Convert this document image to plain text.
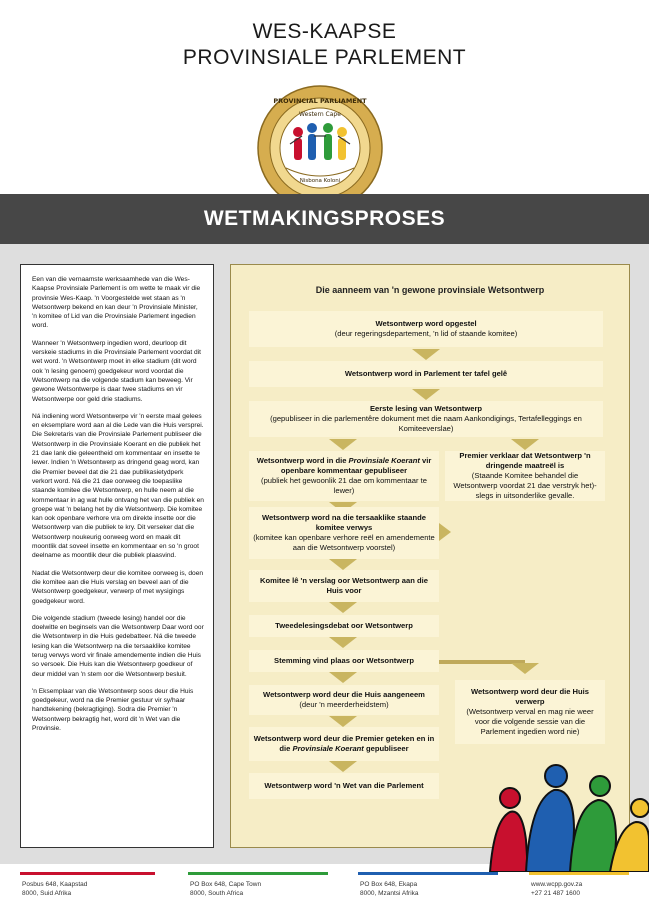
WES-KAAPSE
PROVINSIALE PARLEMENT
PROVINCIAL PARLIAMENT
Western Cape
Nisbona Koloni
WETMAKINGSPROSES

Een van die vernaamste werksaamhede van die Wes-Kaapse Provinsiale Parlement is om wette te maak vir die provinsie Wes-Kaap. 'n Voorgestelde wet staan as 'n Wetsontwerp bekend en kan deur 'n Provinsiale Minister, 'n komitee of Lid van die Provinsiale Parlement ingedien word.

Wanneer 'n Wetsontwerp ingedien word, deurloop dit verskeie stadiums in die Provinsiale Parlement voordat dit wet word. 'n Wetsontwerp moet in elke stadium (dit word ook 'n lesing genoem) goedgekeur word voordat die Wetsontwerp na die volgende stadium kan beweeg. Vir gewone Wetsontwerpe is daar twee stadiums en vir Wetsontwerpe oor geld drie stadiums.

Ná indiening word Wetsontwerpe vir 'n eerste maal gelees en eksemplare word aan al die Lede van die Huis versprei. Die Sekretaris van die Provinsiale Parlement publiseer die Wetsontwerp in die Provinsiale Koerant en die publiek het 21 dae lank die geleentheid om kommentaar en insette te lewer. Indien 'n Wetsontwerp as dringend geag word, kan die Premier beveel dat die 21 dae publikasietydperk verkort word. Ná die 21 dae oorweeg die toepaslike staande komitee die Wetsontwerp, en hulle neem al die kommentaar in ag wat hulle ontvang het van die publiek en groepe wat 'n belang het by die Wetsontwerp. Die komitee kan ook openbare verhore vra om direkte insette oor die Wetsontwerp van die publiek te kry. Dit verseker dat die Wetsontwerp noukeurig oorweeg word en maak dit moontlik dat soveel insette en kommentaar en so 'n groot deelname as moontlik deur die publiek plaasvind.

Nadat die Wetsontwerp deur die komitee oorweeg is, doen die komitee aan die Huis verslag en beveel aan of die Wetsontwerp goedgekeur, verwerp of met wysigings goedgekeur word.

Die volgende stadium (tweede lesing) handel oor die doelwitte en beginsels van die Wetsontwerp Daar word oor die Wetsontwerp in die Huis gedebatteer. Ná die tweede lesing kan die Wetsontwerp na die tersaaklike komitee terug verwys word vir finale amendemente indien die Huis so versoek. Die Huis kan die Wetsontwerp goedkeur of deur middel van 'n stem oor die Wetsontwerp besluit.

'n Eksemplaar van die Wetsontwerp soos deur die Huis goedgekeur, word na die Premier gestuur vir sy/haar handtekening (bekragtiging). Sodra die Premier 'n Wetsontwerp bekragtig het, word dit 'n Wet van die Provinsie.

Die aanneem van 'n gewone provinsiale Wetsontwerp
Wetsontwerp word opgestel
(deur regeringsdepartement, 'n lid of staande komitee)
Wetsontwerp word in Parlement ter tafel gelê
Eerste lesing van Wetsontwerp
(gepubliseer in die parlementêre dokument met die naam Aankondigings, Tertafelleggings en Komiteeverslae)
Wetsontwerp word in die Provinsiale Koerant vir openbare kommentaar gepubliseer
(publiek het gewoonlik 21 dae om kommentaar te lewer)
Premier verklaar dat Wetsontwerp 'n dringende maatreël is
(Staande Komitee behandel die Wetsontwerp voordat 21 dae verstryk het)-slegs in uitsonderlike gevalle.
Wetsontwerp word na die tersaaklike staande komitee verwys
(komitee kan openbare verhore reël en amendemente aan die Wetsontwerp voorstel)
Komitee lê 'n verslag oor Wetsontwerp aan die Huis voor
Tweedelesingsdebat oor Wetsontwerp
Stemming vind plaas oor Wetsontwerp
Wetsontwerp word deur die Huis aangeneem
(deur 'n meerderheidstem)
Wetsontwerp word deur die Huis verwerp
(Wetsontwerp verval en mag nie weer voor die volgende sessie van die Parlement ingedien word nie)
Wetsontwerp word deur die Premier geteken en in die Provinsiale Koerant gepubliseer
Wetsontwerp word 'n Wet van die Parlement
Posbus 648, Kaapstad
8000, Suid Afrika
PO Box 648, Cape Town
8000, South Africa
PO Box 648, Ekapa
8000, Mzantsi Afrika
www.wcpp.gov.za
+27 21 487 1600
